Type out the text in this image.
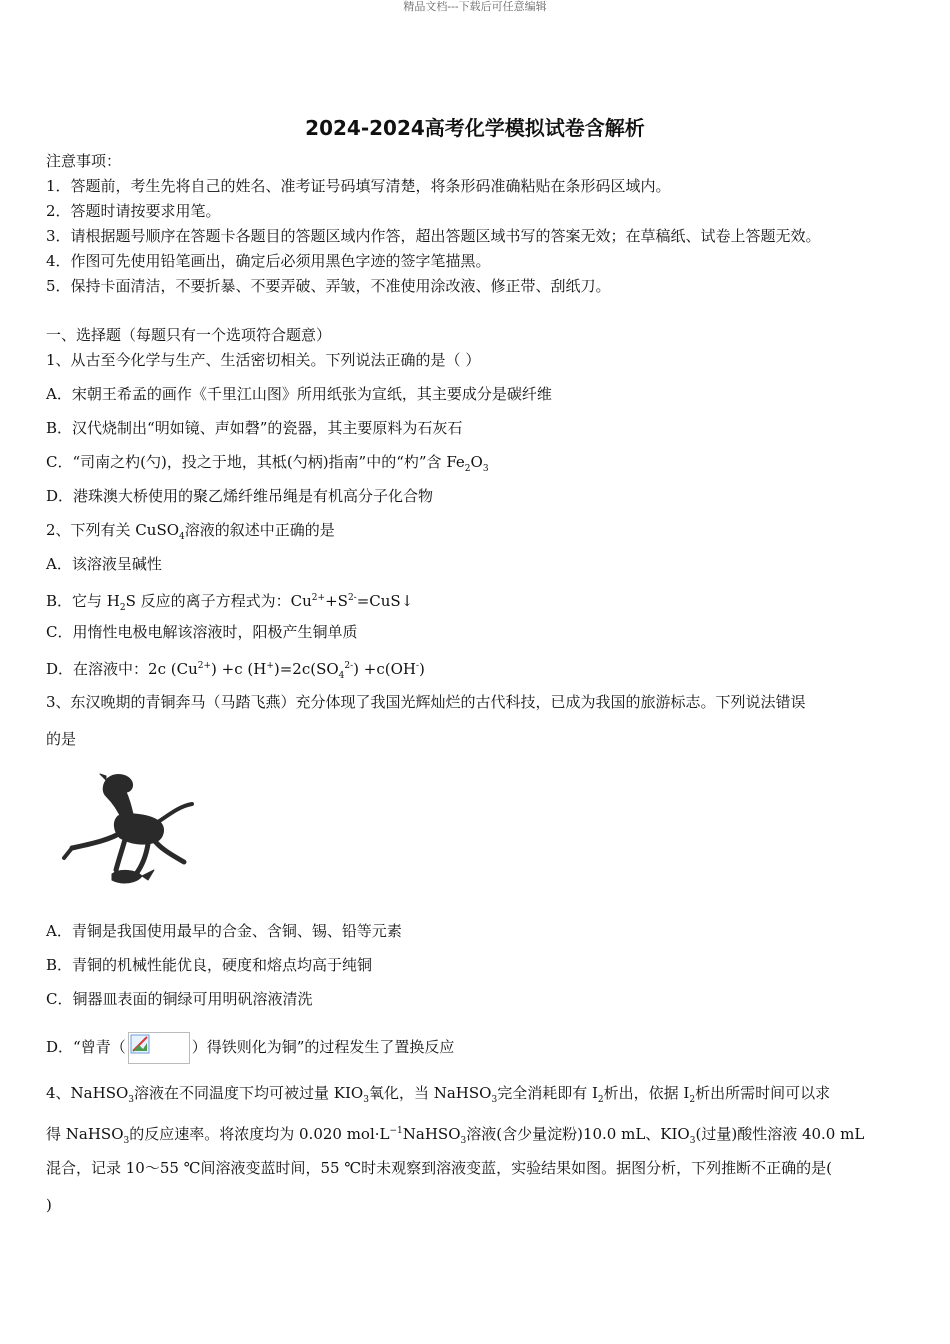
精品文档---下载后可任意编辑
2024-2024高考化学模拟试卷含解析
注意事项：
1．答题前，考生先将自己的姓名、准考证号码填写清楚，将条形码准确粘贴在条形码区域内。
2．答题时请按要求用笔。
3．请根据题号顺序在答题卡各题目的答题区域内作答，超出答题区域书写的答案无效；在草稿纸、试卷上答题无效。
4．作图可先使用铅笔画出，确定后必须用黑色字迹的签字笔描黑。
5．保持卡面清洁，不要折暴、不要弄破、弄皱，不准使用涂改液、修正带、刮纸刀。
一、选择题（每题只有一个选项符合题意）
1、从古至今化学与生产、生活密切相关。下列说法正确的是（ ）
A．宋朝王希孟的画作《千里江山图》所用纸张为宣纸，其主要成分是碳纤维
B．汉代烧制出“明如镜、声如磬”的瓷器，其主要原料为石灰石
C．“司南之杓(勺)，投之于地，其柢(勺柄)指南”中的“杓”含 $Fe_2O_3$
D．港珠澳大桥使用的聚乙烯纤维吊绳是有机高分子化合物
2、下列有关 CuSO$_4$溶液的叙述中正确的是
A．该溶液呈碱性
B．它与 $H_2S$ 反应的离子方程式为：$Cu^{2+}+S^{2-}=CuS↓$
C．用惰性电极电解该溶液时，阳极产生铜单质
D．在溶液中：2c $(Cu^{2+}) +c$ $(H^+)=2c(SO_4^{2-}) +c(OH^-)$
3、东汉晚期的青铜奔马（马踏飞燕）充分体现了我国光辉灿烂的古代科技，已成为我国的旅游标志。下列说法错误
的是
A．青铜是我国使用最早的合金、含铜、锡、铅等元素
B．青铜的机械性能优良，硬度和熔点均高于纯铜
C．铜器皿表面的铜绿可用明矾溶液清洗
D．“曾青（	）得铁则化为铜”的过程发生了置换反应
4、NaHSO$_3$溶液在不同温度下均可被过量 $KIO_3$氧化，当 NaHSO$_3$完全消耗即有 $I_2$析出，依据 $I_2$析出所需时间可以求
得 NaHSO$_3$的反应速率。将浓度均为 0.020 $mol\cdot L^{-1}NaHSO_3$溶液(含少量淀粉)10.0 mL、$KIO_3$(过量)酸性溶液 40.0 mL
混合，记录 10～55 ℃间溶液变蓝时间，55 ℃时未观察到溶液变蓝，实验结果如图。据图分析，下列推断不正确的是(
)
